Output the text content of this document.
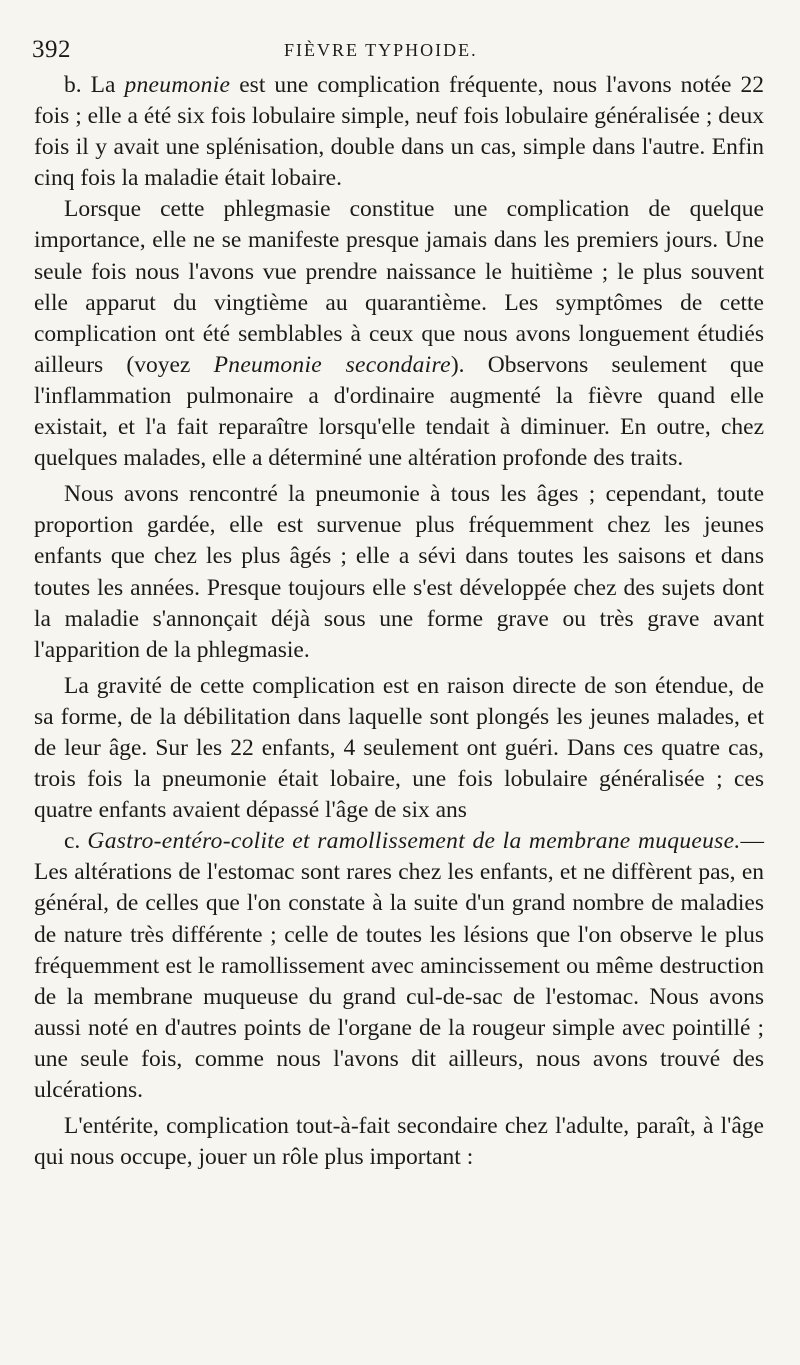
392	FIÈVRE TYPHOIDE.

b. La pneumonie est une complication fréquente, nous l'avons notée 22 fois ; elle a été six fois lobulaire simple, neuf fois lobulaire généralisée ; deux fois il y avait une splénisation, double dans un cas, simple dans l'autre. Enfin cinq fois la maladie était lobaire.

Lorsque cette phlegmasie constitue une complication de quelque importance, elle ne se manifeste presque jamais dans les premiers jours. Une seule fois nous l'avons vue prendre naissance le huitième ; le plus souvent elle apparut du vingtième au quarantième. Les symptômes de cette complication ont été semblables à ceux que nous avons longuement étudiés ailleurs (voyez Pneumonie secondaire). Observons seulement que l'inflammation pulmonaire a d'ordinaire augmenté la fièvre quand elle existait, et l'a fait reparaître lorsqu'elle tendait à diminuer. En outre, chez quelques malades, elle a déterminé une altération profonde des traits.

Nous avons rencontré la pneumonie à tous les âges ; cependant, toute proportion gardée, elle est survenue plus fréquemment chez les jeunes enfants que chez les plus âgés ; elle a sévi dans toutes les saisons et dans toutes les années. Presque toujours elle s'est développée chez des sujets dont la maladie s'annonçait déjà sous une forme grave ou très grave avant l'apparition de la phlegmasie.

La gravité de cette complication est en raison directe de son étendue, de sa forme, de la débilitation dans laquelle sont plongés les jeunes malades, et de leur âge. Sur les 22 enfants, 4 seulement ont guéri. Dans ces quatre cas, trois fois la pneumonie était lobaire, une fois lobulaire généralisée ; ces quatre enfants avaient dépassé l'âge de six ans

c. Gastro-entéro-colite et ramollissement de la membrane muqueuse.—Les altérations de l'estomac sont rares chez les enfants, et ne diffèrent pas, en général, de celles que l'on constate à la suite d'un grand nombre de maladies de nature très différente ; celle de toutes les lésions que l'on observe le plus fréquemment est le ramollissement avec amincissement ou même destruction de la membrane muqueuse du grand cul-de-sac de l'estomac. Nous avons aussi noté en d'autres points de l'organe de la rougeur simple avec pointillé ; une seule fois, comme nous l'avons dit ailleurs, nous avons trouvé des ulcérations.

L'entérite, complication tout-à-fait secondaire chez l'adulte, paraît, à l'âge qui nous occupe, jouer un rôle plus important :
